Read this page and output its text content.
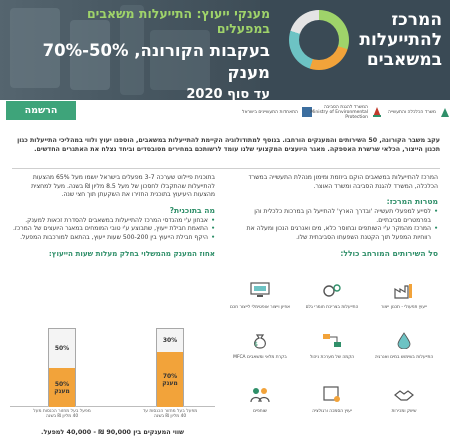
מענקי ייעוץ: התייעלות משאבים במפעלים
בעקבות הקורונה, 50%-70% מענק
עד סוף 2020
המרכז להתייעלות במשאבים
הרשמה	התאחדות התעשיינים בישראל
המשרד להגנת הסביבה Ministry of Environmental Protection
משרד הכלכלה והתעשייה
עקב משבר הקורונה, 50 השירותים והמענקים הורחבו. בנוסף למתודולוגיה הקיימת להתייעלות במשאבים, הוספנו יעוץ ולווי במהליכי התייעלות כגון תכנון הייצור, הכלאי שרשרת האספקה. מאגר היועצים המקצועי שלנו עומד לרשותכם במחירים מסובסדים וביחד נצלח את האתגרים החדשים.

המרכז להתייעלות במשאבים הוקם ביוזמת ומימון מנהלת התעשייה במשרד הכלכלה, המשרד להגנת הסביבה ומשרד האוצר.

מטרות המרכז:
• לסייע למפעלי תעשייה 'ובדרך הארץ' להתייעל הן במרכות כלכלית והן בפרמטרים סביבתיים.
• המרכז מהמקר ע'י השותפים ובחוסר כלא, מים ואנרגים הנכון ומעלה את רווחיות המפעל תוך הקטנת השפעתו הסביבתית שלו.
סל השירותים המורחב כולל:
ייעוץ תפעולי - תכנון ייצור
התייעלות בצריכת חומרי גלם
אפיון וייצור אופטימלי לייצור חכם
התייעלות בשימוש במים ואנרגיה
הקמה של מערכת ניהול
$
בקרת מלאי ומשאבים MFCA
שיווק ומכירות
יעוץ הסמכה ורגולציה
שותפים

בתוכנית פיילוט שערכה 3-7 מפעלים בישראל יושמו מעל 65% מהצעות להתייעלות שהתקבלו לחסכון של מעל 8.5 מליון ₪ בשנה. מעל למחצית מהצעות היעיעוץ בתוכנית החזירו את השקעתן תוך חצי שנה.

מה בתוכנית?
• אבחון ע'י מהנדסי המרכז להתייעלות במשאבים להסדרת זכאות למענק.
• התאמת חבילת ייעוץ, שתבוצע ע'י טובי המומחים במאגר היועצים של המרכז.
• היקף חבילת הייעוץ בין 500-200 שעות ייעוץ, בהתאם למורכבות המפעל.
אחוז המענק מהמשלוי בחלק מעלות שעות הייעוץ:
50%
50%
מענק
מפעל בעל מחזור הכנסות מעל 40 מליון ₪ בשנה
30%
70%
מענק
מפעל בעל מחזור הכנסות עד 40 מליון ₪ בשנה
שווי המענקים בין 90,000 ₪ - 40,000 למפעל.
